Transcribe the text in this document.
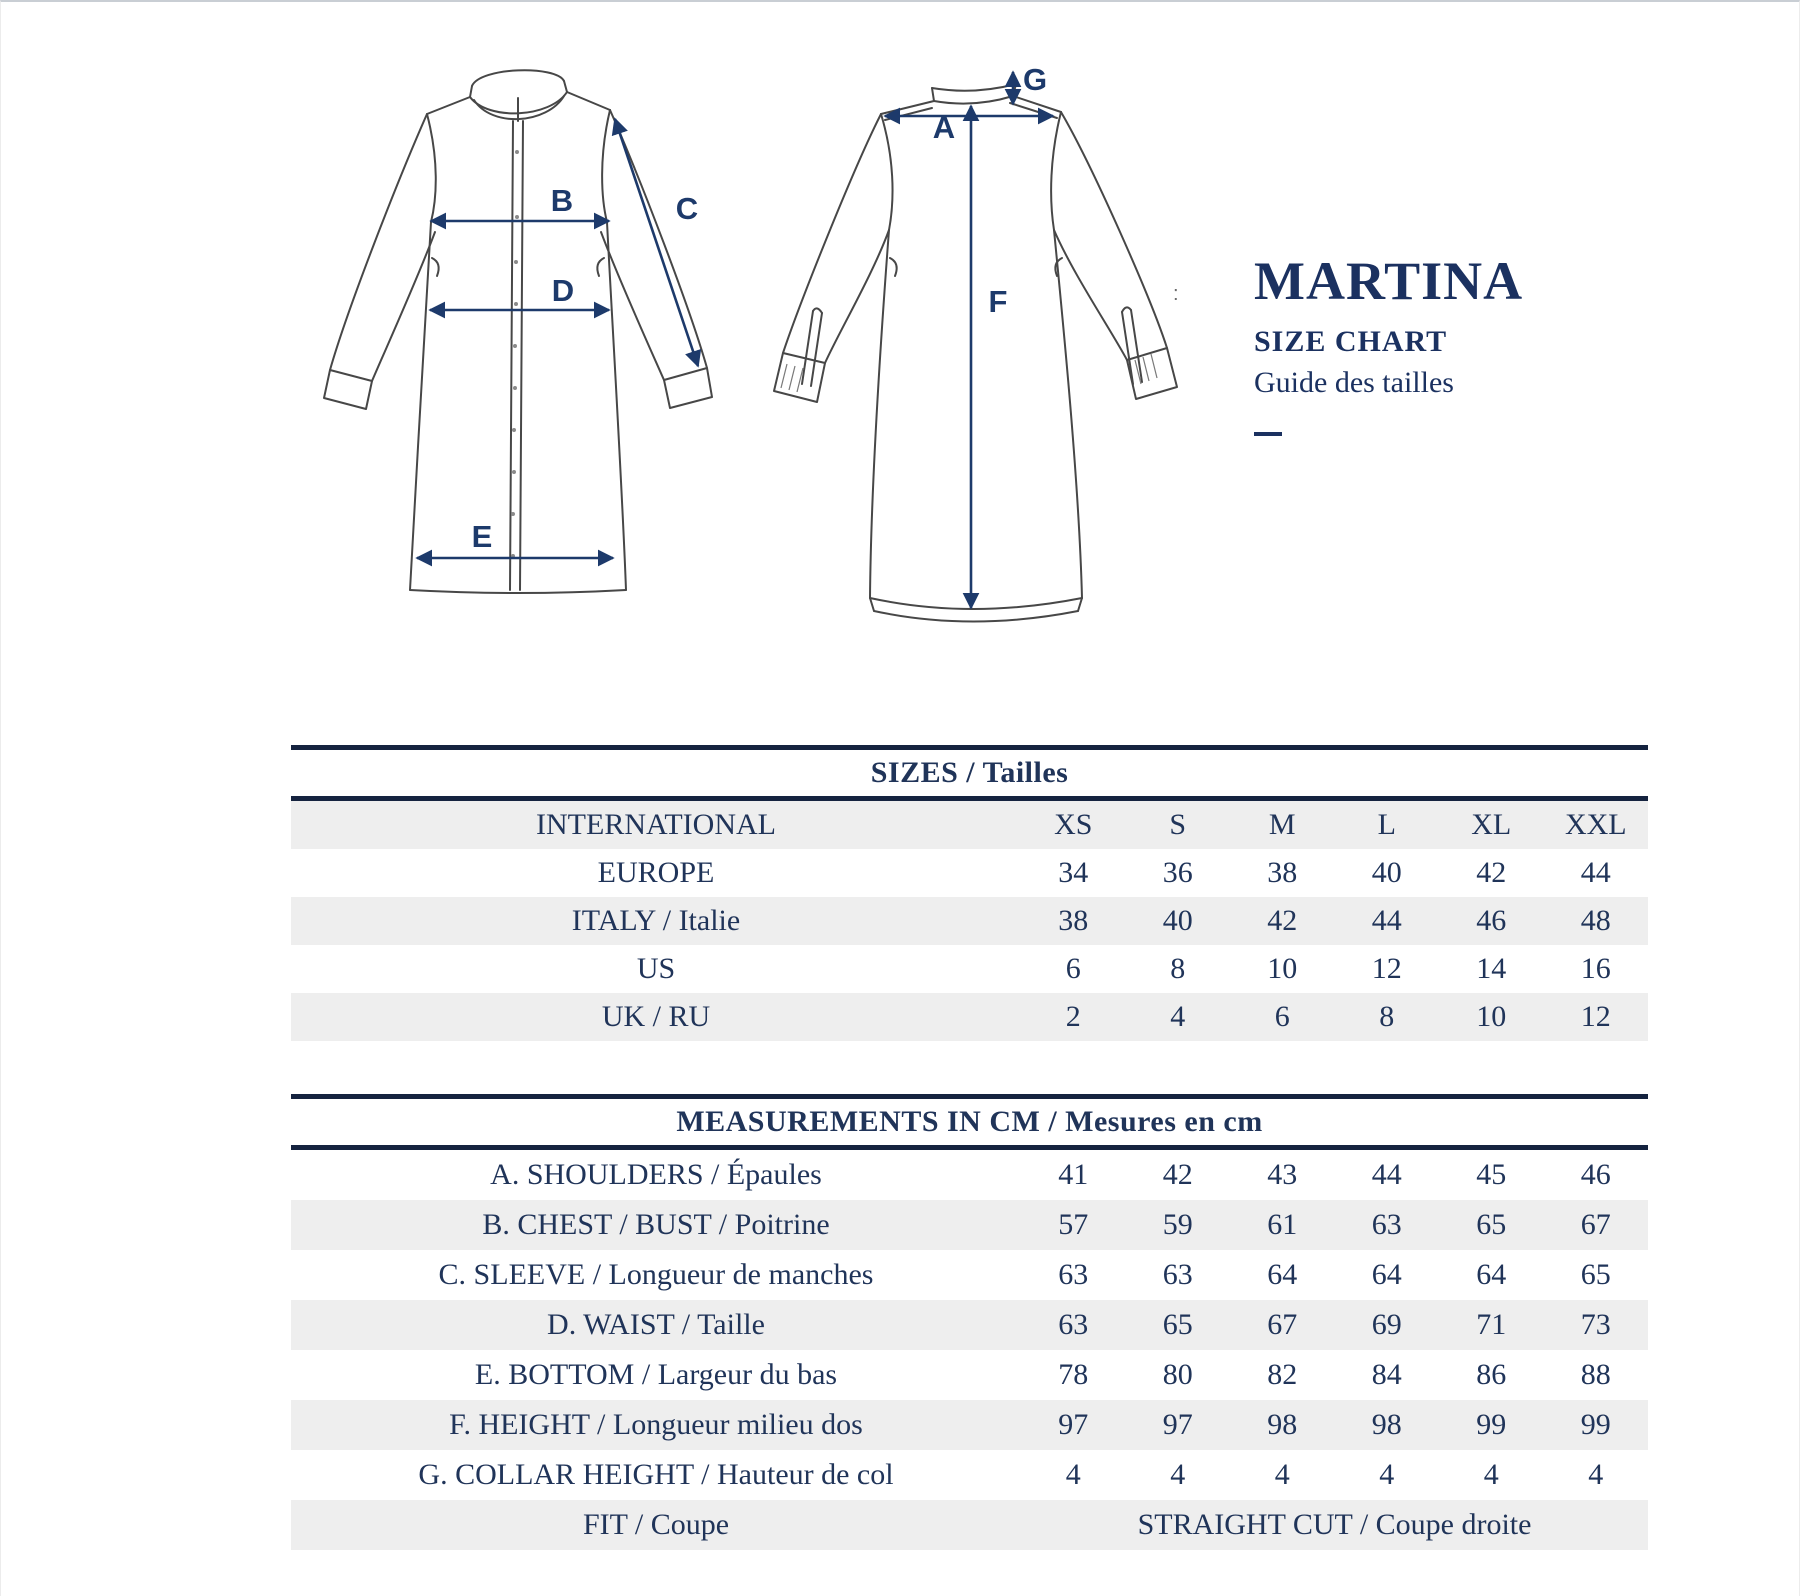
B	C
D
E
A
F
G
: MARTINA
SIZE CHART
Guide des tailles
SIZES / Tailles						
INTERNATIONAL	XS	S	M	L	XL	XXL
EUROPE	34	36	38	40	42	44
ITALY / Italie	38	40	42	44	46	48
US	6	8	10	12	14	16
UK / RU	2	4	6	8	10	12
MEASUREMENTS IN CM / Mesures en cm						
A. SHOULDERS / Épaules	41	42	43	44	45	46
B. CHEST / BUST / Poitrine	57	59	61	63	65	67
C. SLEEVE / Longueur de manches	63	63	64	64	64	65
D. WAIST / Taille	63	65	67	69	71	73
E. BOTTOM / Largeur du bas	78	80	82	84	86	88
F. HEIGHT / Longueur milieu dos	97	97	98	98	99	99
G. COLLAR HEIGHT / Hauteur de col	4	4	4	4	4	4
FIT / Coupe	STRAIGHT CUT / Coupe droite					
